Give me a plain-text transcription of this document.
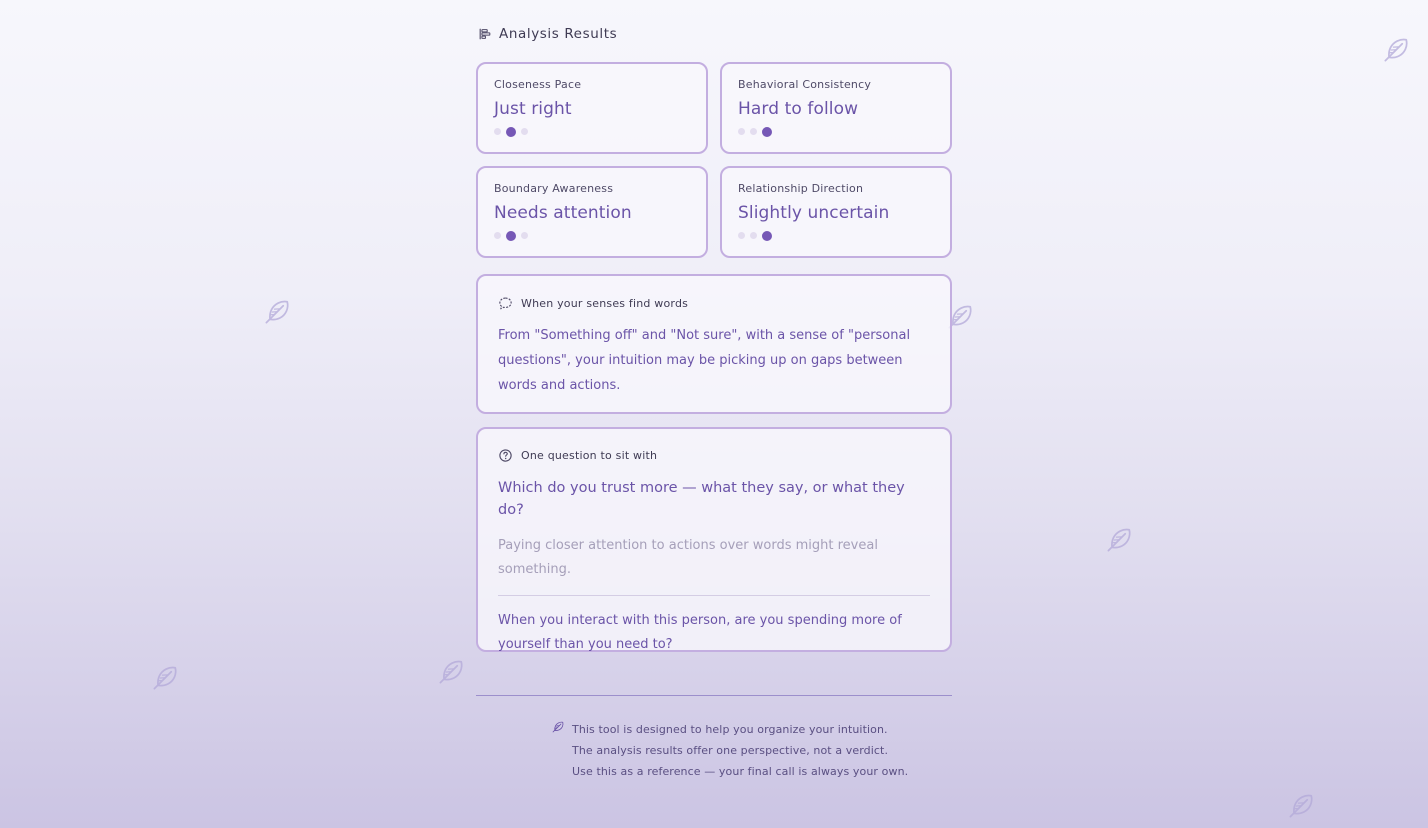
Analysis Results
Closeness Pace
Just right
Behavioral Consistency
Hard to follow
Boundary Awareness
Needs attention
Relationship Direction
Slightly uncertain
When your senses find words
From "Something off" and "Not sure", with a sense of "personal questions", your intuition may be picking up on gaps between words and actions.
One question to sit with
Which do you trust more — what they say, or what they do?
Paying closer attention to actions over words might reveal something.
When you interact with this person, are you spending more of yourself than you need to?
This tool is designed to help you organize your intuition.
The analysis results offer one perspective, not a verdict.
Use this as a reference — your final call is always your own.
